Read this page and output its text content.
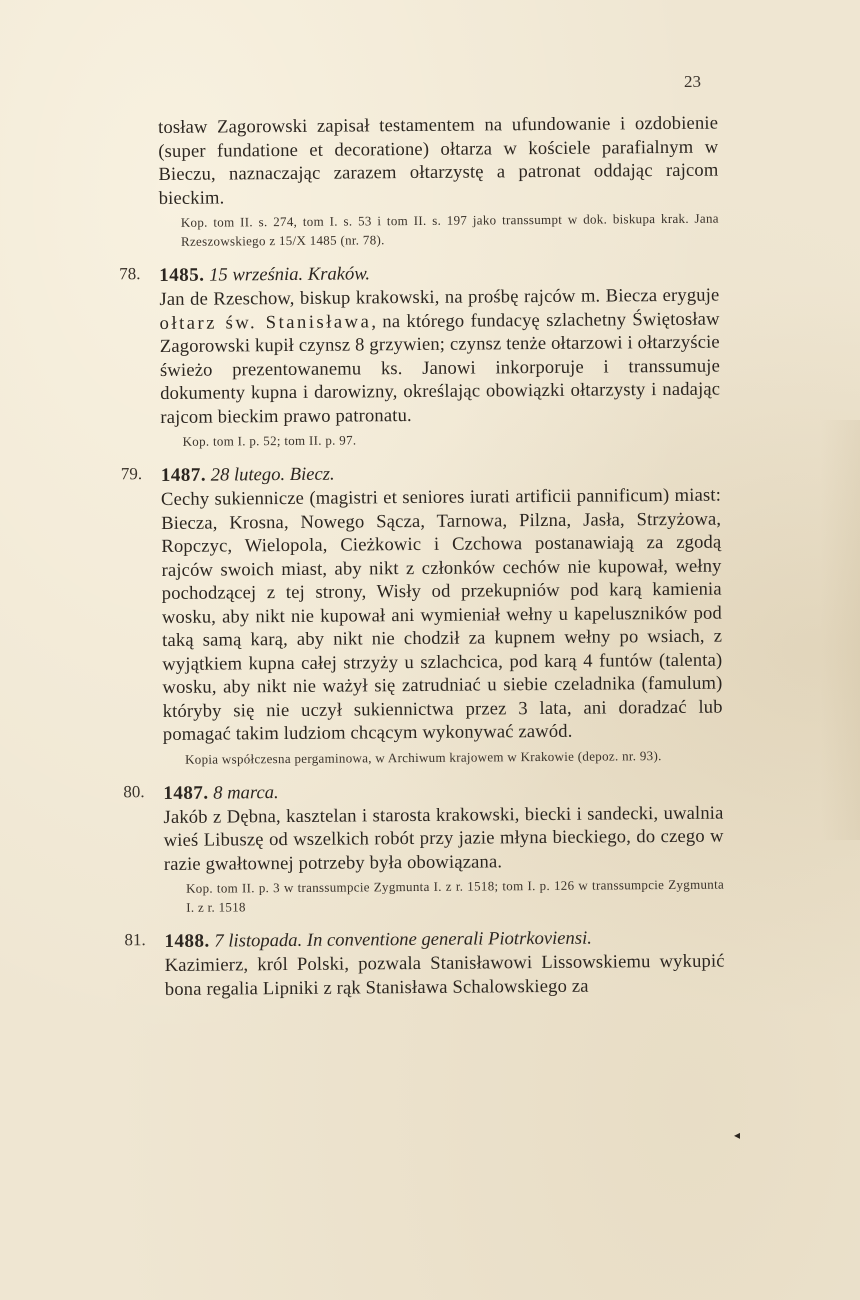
23

tosław Zagorowski zapisał testamentem na ufundowanie i ozdobienie (super fundatione et decoratione) ołtarza w kościele parafialnym w Bieczu, naznaczając zarazem ołtarzystę a patronat oddając rajcom bieckim.

Kop. tom II. s. 274, tom I. s. 53 i tom II. s. 197 jako transsumpt w dok. biskupa krak. Jana Rzeszowskiego z 15/X 1485 (nr. 78).

78. 1485. 15 września. Kraków.

Jan de Rzeschow, biskup krakowski, na prośbę rajców m. Biecza eryguje ołtarz św. Stanisława, na którego fundacyę szlachetny Świętosław Zagorowski kupił czynsz 8 grzywien; czynsz tenże ołtarzowi i ołtarzyście świeżo prezentowanemu ks. Janowi inkorporuje i transsumuje dokumenty kupna i darowizny, określając obowiązki ołtarzysty i nadając rajcom bieckim prawo patronatu.

Kop. tom I. p. 52; tom II. p. 97.

79. 1487. 28 lutego. Biecz.

Cechy sukiennicze (magistri et seniores iurati artificii pannificum) miast: Biecza, Krosna, Nowego Sącza, Tarnowa, Pilzna, Jasła, Strzyżowa, Ropczyc, Wielopola, Cieżkowic i Czchowa postanawiają za zgodą rajców swoich miast, aby nikt z członków cechów nie kupował, wełny pochodzącej z tej strony, Wisły od przekupniów pod karą kamienia wosku, aby nikt nie kupował ani wymieniał wełny u kapeluszników pod taką samą karą, aby nikt nie chodził za kupnem wełny po wsiach, z wyjątkiem kupna całej strzyży u szlachcica, pod karą 4 funtów (talenta) wosku, aby nikt nie ważył się zatrudniać u siebie czeladnika (famulum) któryby się nie uczył sukiennictwa przez 3 lata, ani doradzać lub pomagać takim ludziom chcącym wykonywać zawód.

Kopia współczesna pergaminowa, w Archiwum krajowem w Krakowie (depoz. nr. 93).

80. 1487. 8 marca.

Jakób z Dębna, kasztelan i starosta krakowski, biecki i sandecki, uwalnia wieś Libuszę od wszelkich robót przy jazie młyna bieckiego, do czego w razie gwałtownej potrzeby była obowiązana.

Kop. tom II. p. 3 w transsumpcie Zygmunta I. z r. 1518; tom I. p. 126 w transsumpcie Zygmunta I. z r. 1518

81. 1488. 7 listopada. In conventione generali Piotrkoviensi.

Kazimierz, król Polski, pozwala Stanisławowi Lissowskiemu wykupić bona regalia Lipniki z rąk Stanisława Schalowskiego za

◂
